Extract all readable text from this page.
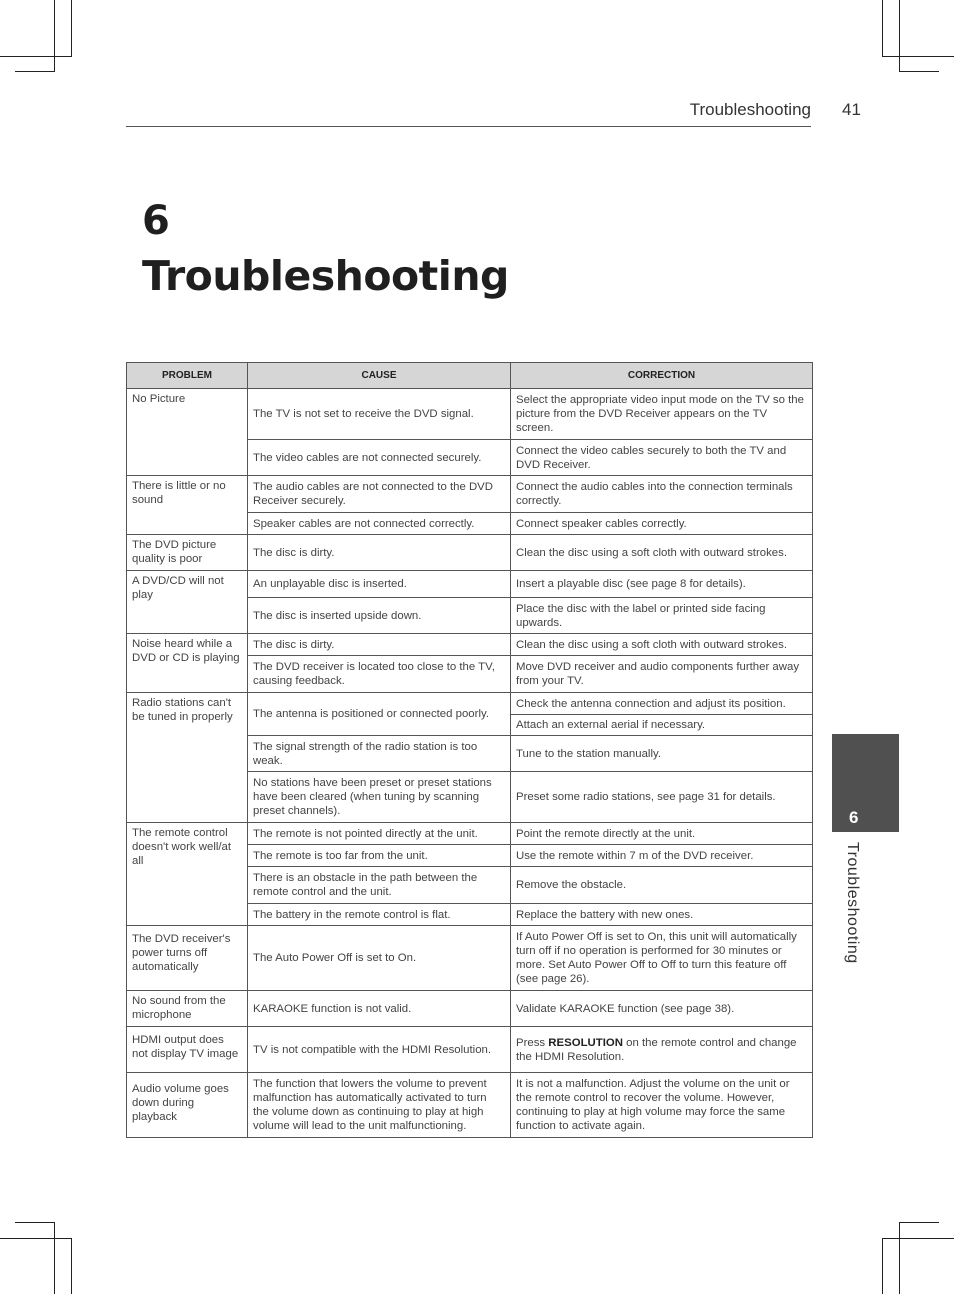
Troubleshooting 41
6
Troubleshooting
6
Troubleshooting
PROBLEM	CAUSE	CORRECTION
No Picture	The TV is not set to receive the DVD signal.	Select the appropriate video input mode on the TV so the picture from the DVD Receiver appears on the TV screen.
	The video cables are not connected securely.	Connect the video cables securely to both the TV and DVD Receiver.
There is little or no sound	The audio cables are not connected to the DVD Receiver securely.	Connect the audio cables into the connection terminals correctly.
	Speaker cables are not connected correctly.	Connect speaker cables correctly.
The DVD picture quality is poor	The disc is dirty.	Clean the disc using a soft cloth with outward strokes.
A DVD/CD will not play	An unplayable disc is inserted.	Insert a playable disc (see page 8 for details).
	The disc is inserted upside down.	Place the disc with the label or printed side facing upwards.
Noise heard while a DVD or CD is playing	The disc is dirty.	Clean the disc using a soft cloth with outward strokes.
	The DVD receiver is located too close to the TV, causing feedback.	Move DVD receiver and audio components further away from your TV.
Radio stations can't be tuned in properly	The antenna is positioned or connected poorly.	Check the antenna connection and adjust its position.
		Attach an external aerial if necessary.
	The signal strength of the radio station is too weak.	Tune to the station manually.
	No stations have been preset or preset stations have been cleared (when tuning by scanning preset channels).	Preset some radio stations, see page 31 for details.

The remote control doesn't work well/at all	The remote is not pointed directly at the unit.	Point the remote directly at the unit.
	The remote is too far from the unit.	Use the remote within 7 m of the DVD receiver.
	There is an obstacle in the path between the remote control and the unit.	Remove the obstacle.
	The battery in the remote control is flat.	Replace the battery with new ones.
The DVD receiver's power turns off automatically	The Auto Power Off is set to On.	If Auto Power Off is set to On, this unit will automatically turn off if no operation is performed for 30 minutes or more. Set Auto Power Off to Off to turn this feature off (see page 26).
No sound from the microphone	KARAOKE function is not valid.	Validate KARAOKE function (see page 38).
HDMI output does not display TV image	TV is not compatible with the HDMI Resolution.	Press RESOLUTION on the remote control and change the HDMI Resolution.
Audio volume goes down during playback	The function that lowers the volume to prevent malfunction has automatically activated to turn the volume down as continuing to play at high volume will lead to the unit malfunctioning.	It is not a malfunction. Adjust the volume on the unit or the remote control to recover the volume. However, continuing to play at high volume may force the same function to activate again.
